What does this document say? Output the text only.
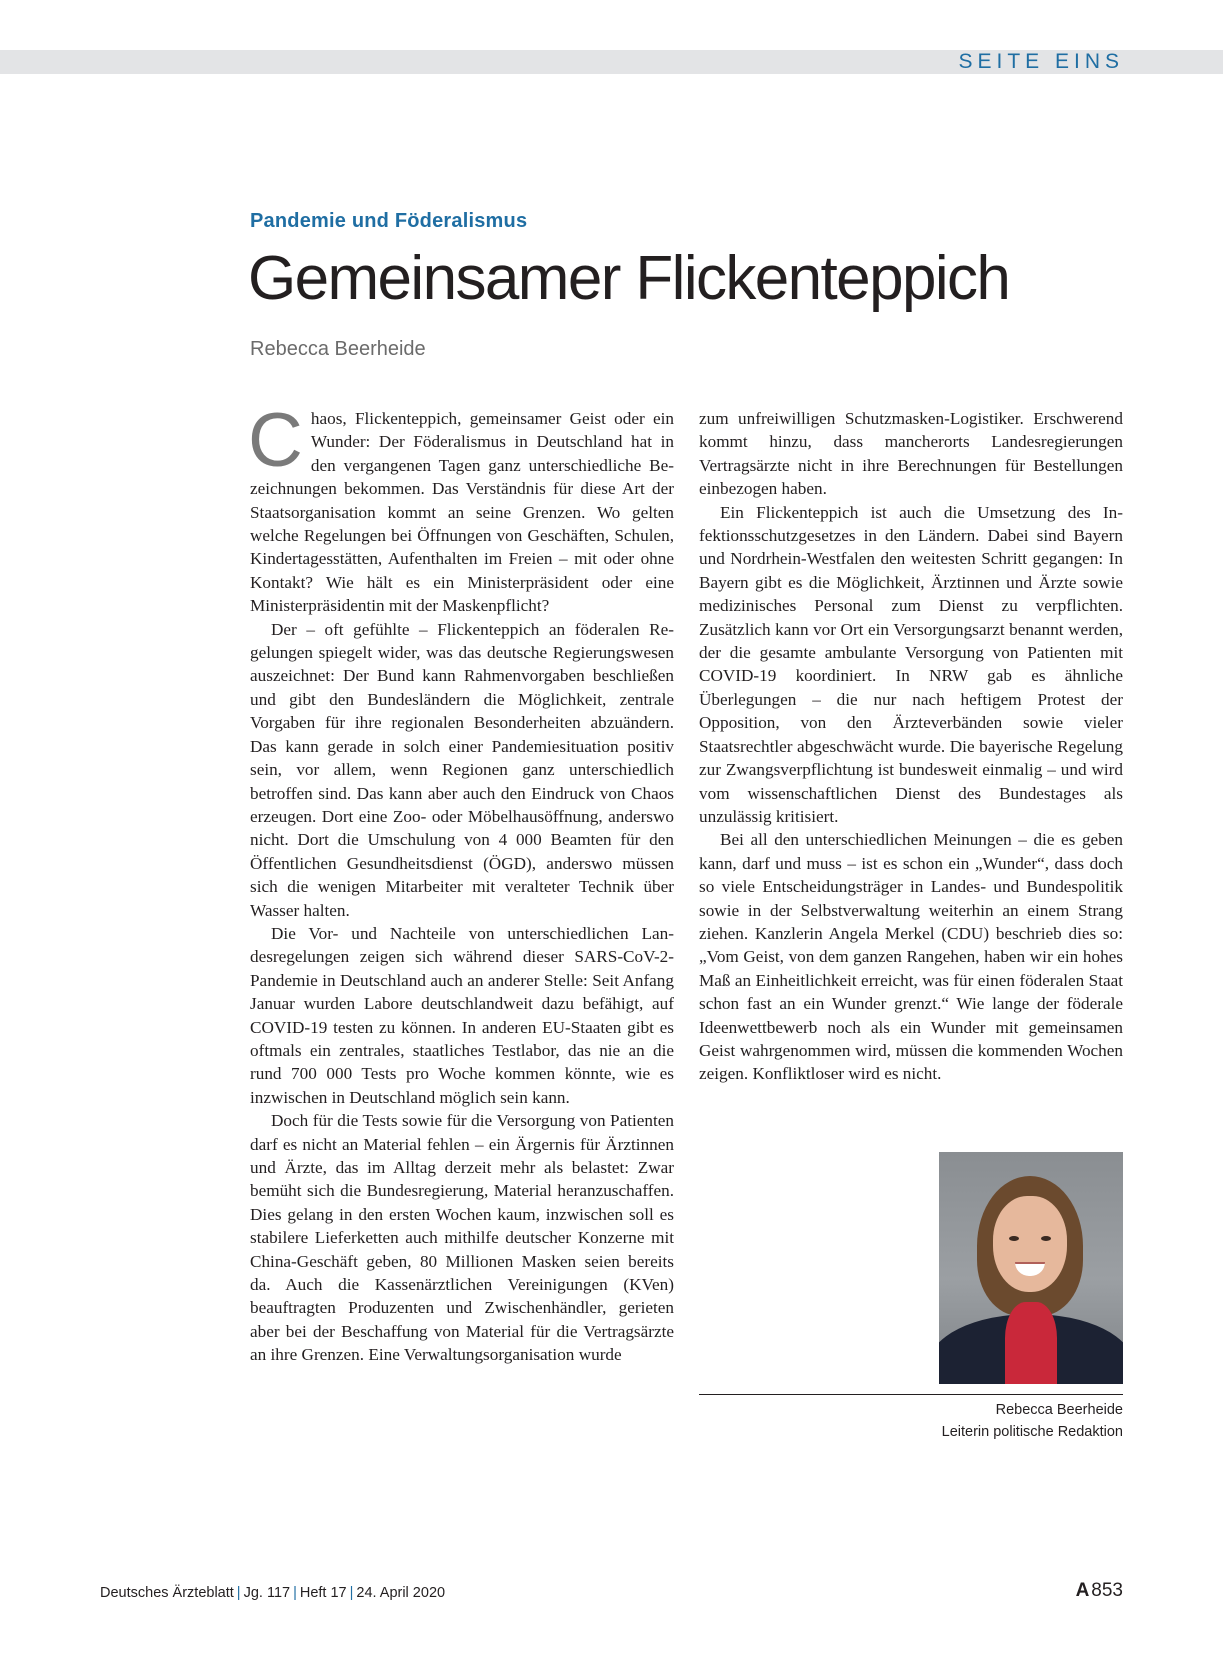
SEITE EINS
Pandemie und Föderalismus
Gemeinsamer Flickenteppich
Rebecca Beerheide

Chaos, Flickenteppich, gemeinsamer Geist oder ein Wunder: Der Föderalismus in Deutschland hat in den vergangenen Tagen ganz unterschiedliche Bezeichnungen bekommen. Das Verständnis für diese Art der Staatsorganisation kommt an seine Grenzen. Wo gelten welche Regelungen bei Öffnungen von Geschäften, Schulen, Kindertagesstätten, Aufenthalten im Freien – mit oder ohne Kontakt? Wie hält es ein Ministerpräsident oder eine Ministerpräsidentin mit der Maskenpflicht?

Der – oft gefühlte – Flickenteppich an föderalen Regelungen spiegelt wider, was das deutsche Regierungswesen auszeichnet: Der Bund kann Rahmenvorgaben beschließen und gibt den Bundesländern die Möglichkeit, zentrale Vorgaben für ihre regionalen Besonderheiten abzuändern. Das kann gerade in solch einer Pandemiesituation positiv sein, vor allem, wenn Regionen ganz unterschiedlich betroffen sind. Das kann aber auch den Eindruck von Chaos erzeugen. Dort eine Zoo- oder Möbelhausöffnung, anderswo nicht. Dort die Umschulung von 4 000 Beamten für den Öffentlichen Gesundheitsdienst (ÖGD), anderswo müssen sich die wenigen Mitarbeiter mit veralteter Technik über Wasser halten.

Die Vor- und Nachteile von unterschiedlichen Landesregelungen zeigen sich während dieser SARS-CoV-2-Pandemie in Deutschland auch an anderer Stelle: Seit Anfang Januar wurden Labore deutschlandweit dazu befähigt, auf COVID-19 testen zu können. In anderen EU-Staaten gibt es oftmals ein zentrales, staatliches Testlabor, das nie an die rund 700 000 Tests pro Woche kommen könnte, wie es inzwischen in Deutschland möglich sein kann.

Doch für die Tests sowie für die Versorgung von Patienten darf es nicht an Material fehlen – ein Ärgernis für Ärztinnen und Ärzte, das im Alltag derzeit mehr als belastet: Zwar bemüht sich die Bundesregierung, Material heranzuschaffen. Dies gelang in den ersten Wochen kaum, inzwischen soll es stabilere Lieferketten auch mithilfe deutscher Konzerne mit China-Geschäft geben, 80 Millionen Masken seien bereits da. Auch die Kassenärztlichen Vereinigungen (KVen) beauftragten Produzenten und Zwischenhändler, gerieten aber bei der Beschaffung von Material für die Vertragsärzte an ihre Grenzen. Eine Verwaltungsorganisation wurde

zum unfreiwilligen Schutzmasken-Logistiker. Erschwerend kommt hinzu, dass mancherorts Landesregierungen Vertragsärzte nicht in ihre Berechnungen für Bestellungen einbezogen haben.

Ein Flickenteppich ist auch die Umsetzung des Infektionsschutzgesetzes in den Ländern. Dabei sind Bayern und Nordrhein-Westfalen den weitesten Schritt gegangen: In Bayern gibt es die Möglichkeit, Ärztinnen und Ärzte sowie medizinisches Personal zum Dienst zu verpflichten. Zusätzlich kann vor Ort ein Versorgungsarzt benannt werden, der die gesamte ambulante Versorgung von Patienten mit COVID-19 koordiniert. In NRW gab es ähnliche Überlegungen – die nur nach heftigem Protest der Opposition, von den Ärzteverbänden sowie vieler Staatsrechtler abgeschwächt wurde. Die bayerische Regelung zur Zwangsverpflichtung ist bundesweit einmalig – und wird vom wissenschaftlichen Dienst des Bundestages als unzulässig kritisiert.

Bei all den unterschiedlichen Meinungen – die es geben kann, darf und muss – ist es schon ein „Wunder“, dass doch so viele Entscheidungsträger in Landes- und Bundespolitik sowie in der Selbstverwaltung weiterhin an einem Strang ziehen. Kanzlerin Angela Merkel (CDU) beschrieb dies so: „Vom Geist, von dem ganzen Rangehen, haben wir ein hohes Maß an Einheitlichkeit erreicht, was für einen föderalen Staat schon fast an ein Wunder grenzt.“ Wie lange der föderale Ideenwettbewerb noch als ein Wunder mit gemeinsamen Geist wahrgenommen wird, müssen die kommenden Wochen zeigen. Konfliktloser wird es nicht.

Rebecca Beerheide
Leiterin politische Redaktion
Deutsches Ärzteblatt | Jg. 117 | Heft 17 | 24. April 2020	A 853
